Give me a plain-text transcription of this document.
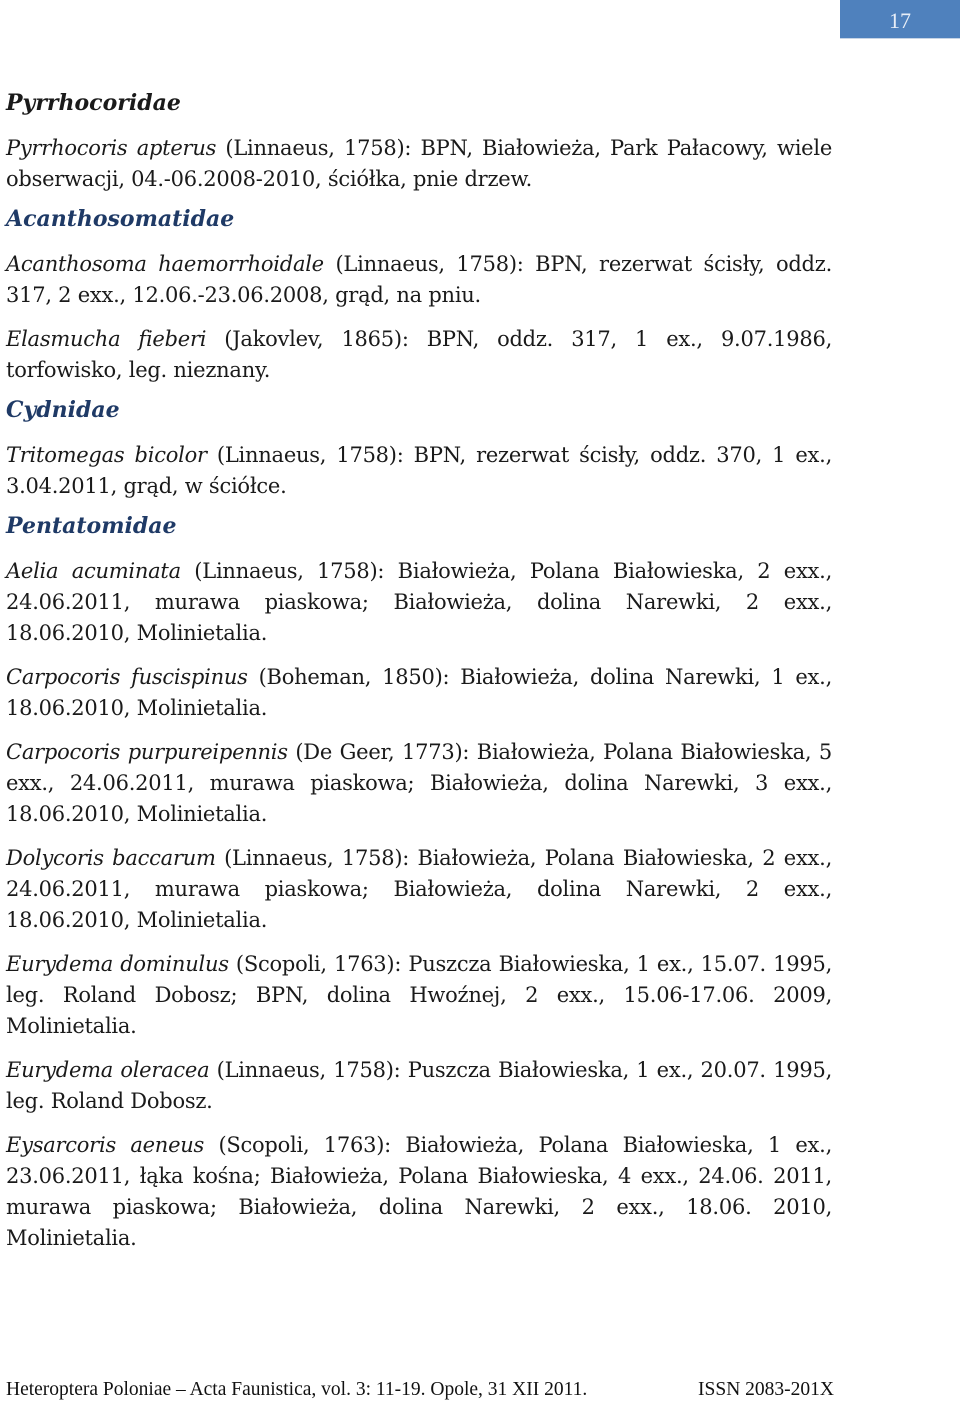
17
Pyrrhocoridae

Pyrrhocoris apterus (Linnaeus, 1758): BPN, Białowieża, Park Pałacowy, wiele obserwacji, 04.-06.2008-2010, ściółka, pnie drzew.

Acanthosomatidae

Acanthosoma haemorrhoidale (Linnaeus, 1758): BPN, rezerwat ścisły, oddz. 317, 2 exx., 12.06.-23.06.2008, grąd, na pniu.

Elasmucha fieberi (Jakovlev, 1865): BPN, oddz. 317, 1 ex., 9.07.1986, torfowisko, leg. nieznany.

Cydnidae

Tritomegas bicolor (Linnaeus, 1758): BPN, rezerwat ścisły, oddz. 370, 1 ex., 3.04.2011, grąd, w ściółce.

Pentatomidae

Aelia acuminata (Linnaeus, 1758): Białowieża, Polana Białowieska, 2 exx., 24.06.2011, murawa piaskowa; Białowieża, dolina Narewki, 2 exx., 18.06.2010, Molinietalia.

Carpocoris fuscispinus (Boheman, 1850): Białowieża, dolina Narewki, 1 ex., 18.06.2010, Molinietalia.

Carpocoris purpureipennis (De Geer, 1773): Białowieża, Polana Białowieska, 5 exx., 24.06.2011, murawa piaskowa; Białowieża, dolina Narewki, 3 exx., 18.06.2010, Molinietalia.

Dolycoris baccarum (Linnaeus, 1758): Białowieża, Polana Białowieska, 2 exx., 24.06.2011, murawa piaskowa; Białowieża, dolina Narewki, 2 exx., 18.06.2010, Molinietalia.

Eurydema dominulus (Scopoli, 1763): Puszcza Białowieska, 1 ex., 15.07. 1995, leg. Roland Dobosz; BPN, dolina Hwoźnej, 2 exx., 15.06-17.06. 2009, Molinietalia.

Eurydema oleracea (Linnaeus, 1758): Puszcza Białowieska, 1 ex., 20.07. 1995, leg. Roland Dobosz.

Eysarcoris aeneus (Scopoli, 1763): Białowieża, Polana Białowieska, 1 ex., 23.06.2011, łąka kośna; Białowieża, Polana Białowieska, 4 exx., 24.06. 2011, murawa piaskowa; Białowieża, dolina Narewki, 2 exx., 18.06. 2010, Molinietalia.

Heteroptera Poloniae – Acta Faunistica, vol. 3: 11-19. Opole, 31 XII 2011.	ISSN 2083-201X
